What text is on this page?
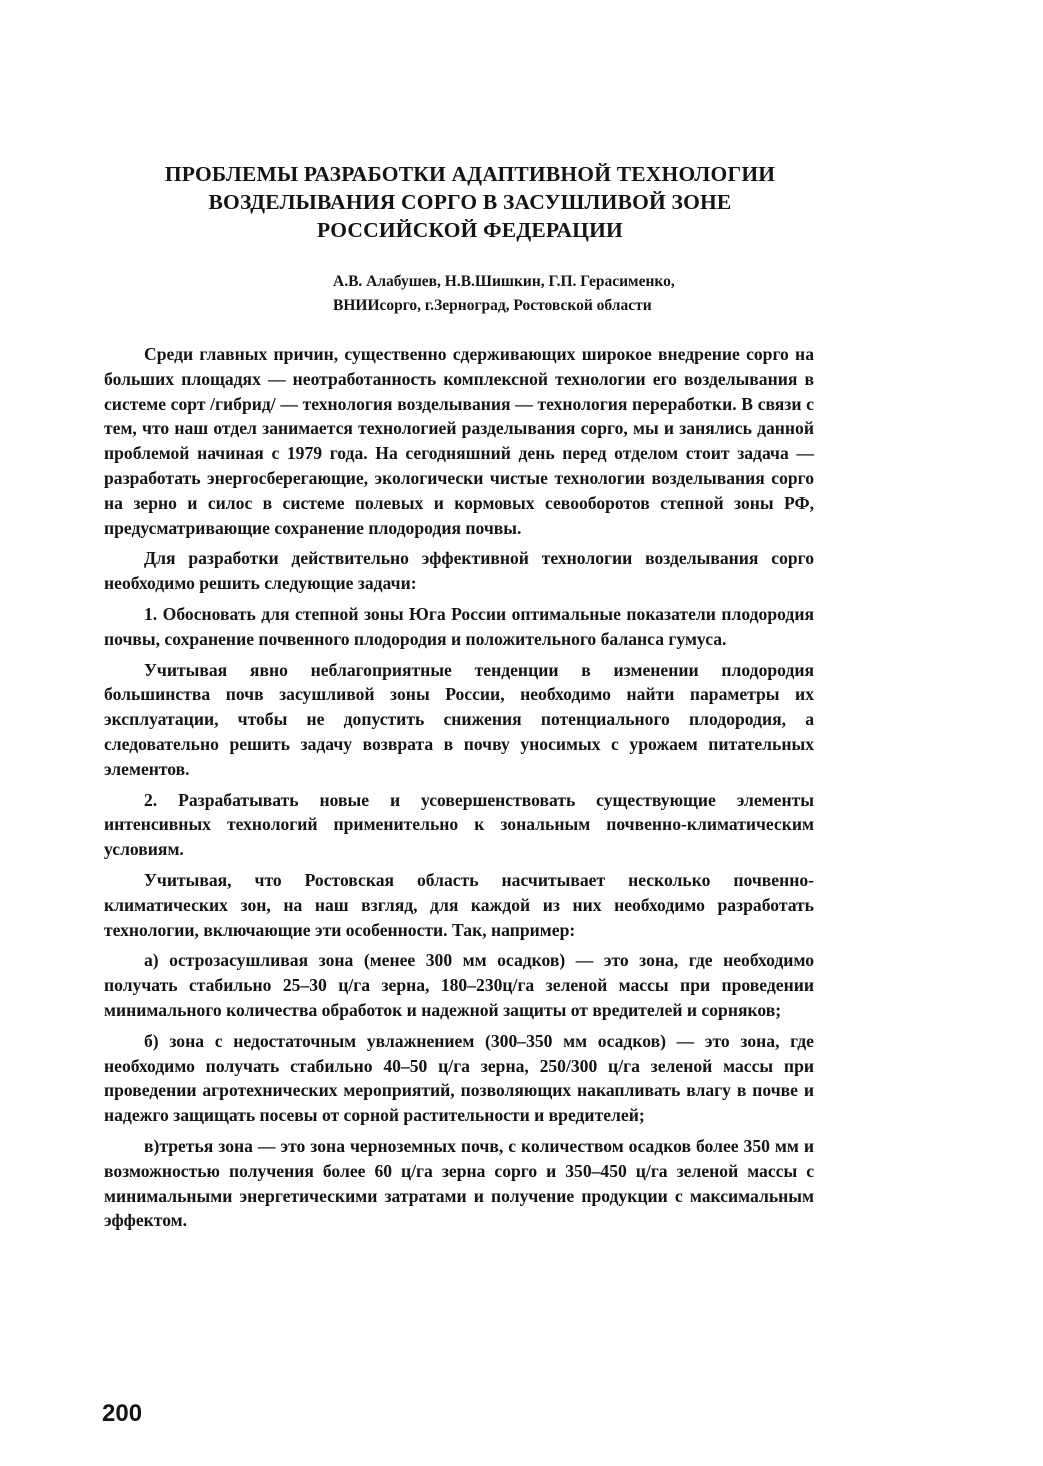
ПРОБЛЕМЫ РАЗРАБОТКИ АДАПТИВНОЙ ТЕХНОЛОГИИ
ВОЗДЕЛЫВАНИЯ СОРГО В ЗАСУШЛИВОЙ ЗОНЕ
РОССИЙСКОЙ ФЕДЕРАЦИИ
А.В. Алабушев, Н.В.Шишкин, Г.П. Герасименко,
ВНИИсорго, г.Зерноград, Ростовской области

Среди главных причин, существенно сдерживающих широкое внедрение сорго на больших площадях — неотработанность комплексной технологии его возделывания в системе сорт /гибрид/ — технология возделывания — технология переработки. В связи с тем, что наш отдел занимается технологией разделывания сорго, мы и занялись данной проблемой начиная с 1979 года. На сегодняшний день перед отделом стоит задача — разработать энергосберегающие, экологически чистые технологии возделывания сорго на зерно и силос в системе полевых и кормовых севооборотов степной зоны РФ, предусматривающие сохранение плодородия почвы.

Для разработки действительно эффективной технологии возделывания сорго необходимо решить следующие задачи:

1. Обосновать для степной зоны Юга России оптимальные показатели плодородия почвы, сохранение почвенного плодородия и положительного баланса гумуса.

Учитывая явно неблагоприятные тенденции в изменении плодородия большинства почв засушливой зоны России, необходимо найти параметры их эксплуатации, чтобы не допустить снижения потенциального плодородия, а следовательно решить задачу возврата в почву уносимых с урожаем питательных элементов.

2. Разрабатывать новые и усовершенствовать существующие элементы интенсивных технологий применительно к зональным почвенно-климатическим условиям.

Учитывая, что Ростовская область насчитывает несколько почвенно-климатических зон, на наш взгляд, для каждой из них необходимо разработать технологии, включающие эти особенности. Так, например:

а) острозасушливая зона (менее 300 мм осадков) — это зона, где необходимо получать стабильно 25–30 ц/га зерна, 180–230ц/га зеленой массы при проведении минимального количества обработок и надежной защиты от вредителей и сорняков;

б) зона с недостаточным увлажнением (300–350 мм осадков) — это зона, где необходимо получать стабильно 40–50 ц/га зерна, 250/300 ц/га зеленой массы при проведении агротехнических мероприятий, позволяющих накапливать влагу в почве и надежго защищать посевы от сорной растительности и вредителей;

в)третья зона — это зона черноземных почв, с количеством осадков более 350 мм и возможностью получения более 60 ц/га зерна сорго и 350–450 ц/га зеленой массы с минимальными энергетическими затратами и получение продукции с максимальным эффектом.

200
